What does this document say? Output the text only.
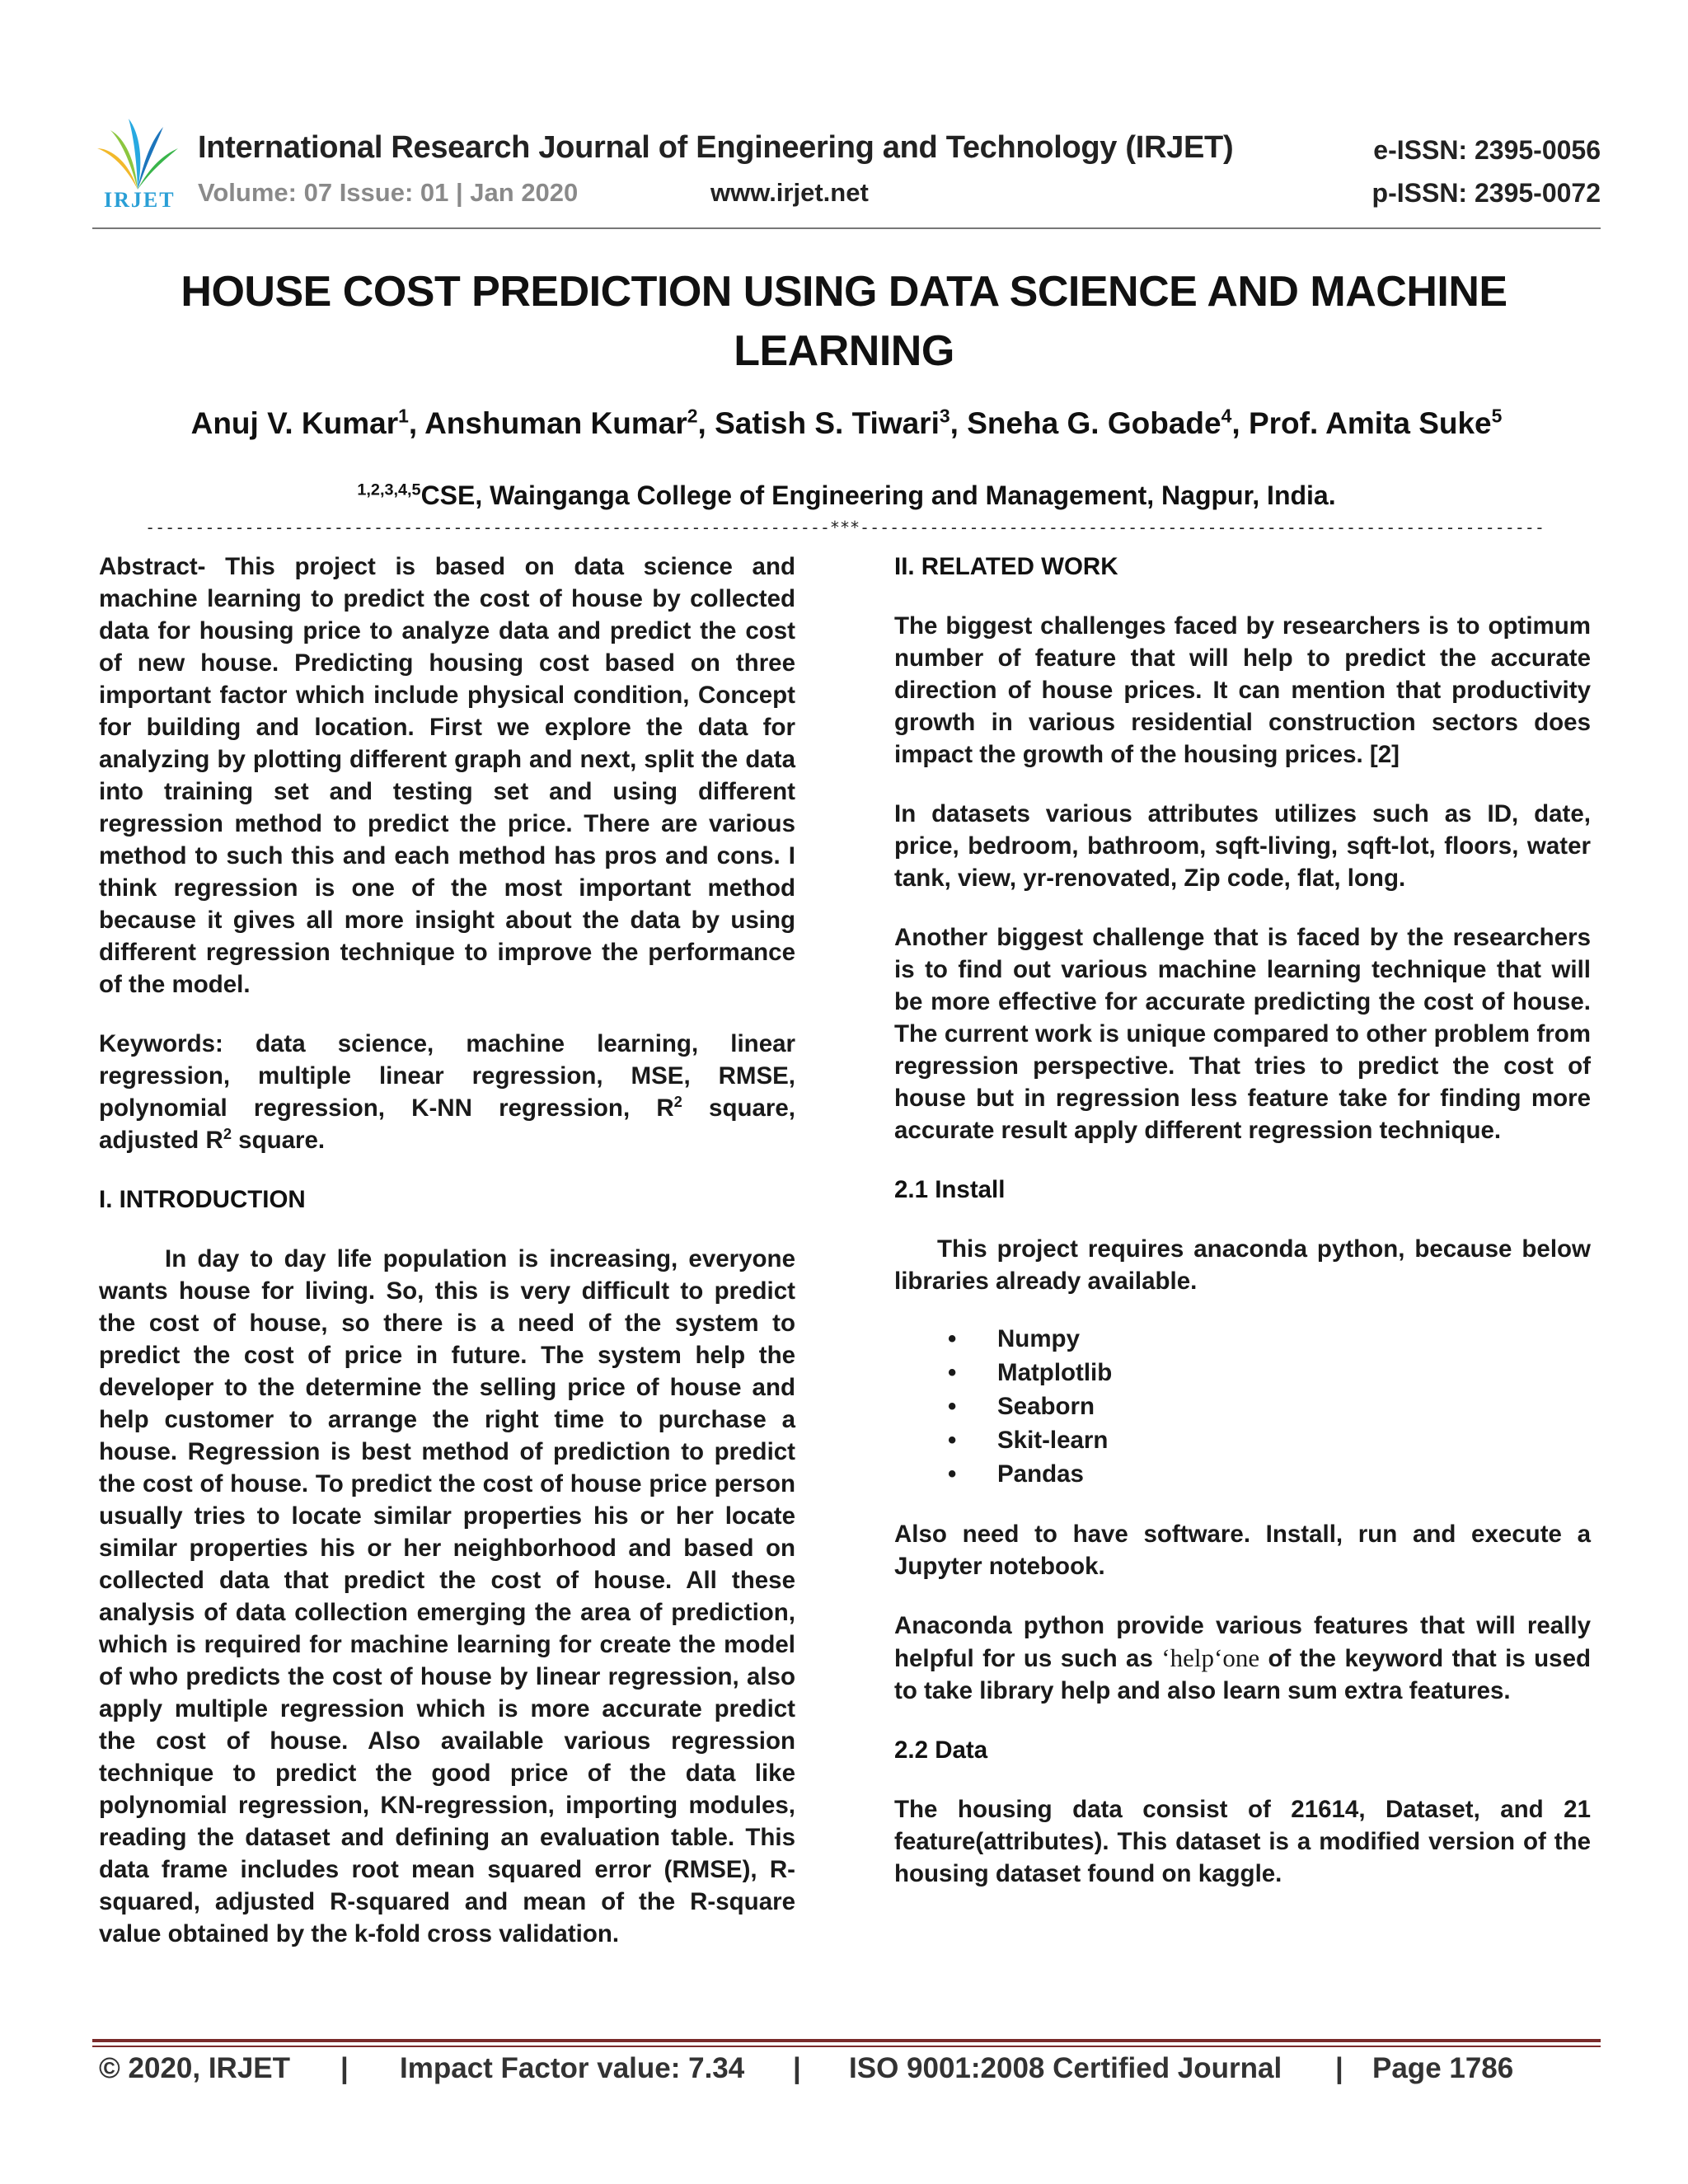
IRJET
International Research Journal of Engineering and Technology (IRJET)
Volume: 07 Issue: 01 | Jan 2020	www.irjet.net
e-ISSN: 2395-0056
p-ISSN: 2395-0072
HOUSE COST PREDICTION USING DATA SCIENCE AND MACHINE
LEARNING
Anuj V. Kumar$^1$, Anshuman Kumar$^2$, Satish S. Tiwari$^3$, Sneha G. Gobade$^4$, Prof. Amita Suke$^5$
$^{1,2,3,4,5}$CSE, Wainganga College of Engineering and Management, Nagpur, India.
---------------------------------------------------------------------***---------------------------------------------------------------------

Abstract- This project is based on data science and machine learning to predict the cost of house by collected data for housing price to analyze data and predict the cost of new house. Predicting housing cost based on three important factor which include physical condition, Concept for building and location. First we explore the data for analyzing by plotting different graph and next, split the data into training set and testing set and using different regression method to predict the price. There are various method to such this and each method has pros and cons. I think regression is one of the most important method because it gives all more insight about the data by using different regression technique to improve the performance of the model.

Keywords: data science, machine learning, linear regression, multiple linear regression, MSE, RMSE, polynomial regression, K-NN regression, $R^2$ square, adjusted $R^2$ square.

I. INTRODUCTION

In day to day life population is increasing, everyone wants house for living. So, this is very difficult to predict the cost of house, so there is a need of the system to predict the cost of price in future. The system help the developer to the determine the selling price of house and help customer to arrange the right time to purchase a house. Regression is best method of prediction to predict the cost of house. To predict the cost of house price person usually tries to locate similar properties his or her locate similar properties his or her neighborhood and based on collected data that predict the cost of house. All these analysis of data collection emerging the area of prediction, which is required for machine learning for create the model of who predicts the cost of house by linear regression, also apply multiple regression which is more accurate predict the cost of house. Also available various regression technique to predict the good price of the data like polynomial regression, KN-regression, importing modules, reading the dataset and defining an evaluation table. This data frame includes root mean squared error (RMSE), R-squared, adjusted R-squared and mean of the R-square value obtained by the k-fold cross validation.

II. RELATED WORK

The biggest challenges faced by researchers is to optimum number of feature that will help to predict the accurate direction of house prices. It can mention that productivity growth in various residential construction sectors does impact the growth of the housing prices. [2]

In datasets various attributes utilizes such as ID, date, price, bedroom, bathroom, sqft-living, sqft-lot, floors, water tank, view, yr-renovated, Zip code, flat, long.

Another biggest challenge that is faced by the researchers is to find out various machine learning technique that will be more effective for accurate predicting the cost of house. The current work is unique compared to other problem from regression perspective. That tries to predict the cost of house but in regression less feature take for finding more accurate result apply different regression technique.

2.1 Install

This project requires anaconda python, because below libraries already available.

• Numpy
• Matplotlib
• Seaborn
• Skit-learn
• Pandas

Also need to have software. Install, run and execute a Jupyter notebook.

Anaconda python provide various features that will really helpful for us such as ‘help‘one of the keyword that is used to take library help and also learn sum extra features.

2.2 Data

The housing data consist of 21614, Dataset, and 21 feature(attributes). This dataset is a modified version of the housing dataset found on kaggle.

© 2020, IRJET | Impact Factor value: 7.34 | ISO 9001:2008 Certified Journal | Page 1786
